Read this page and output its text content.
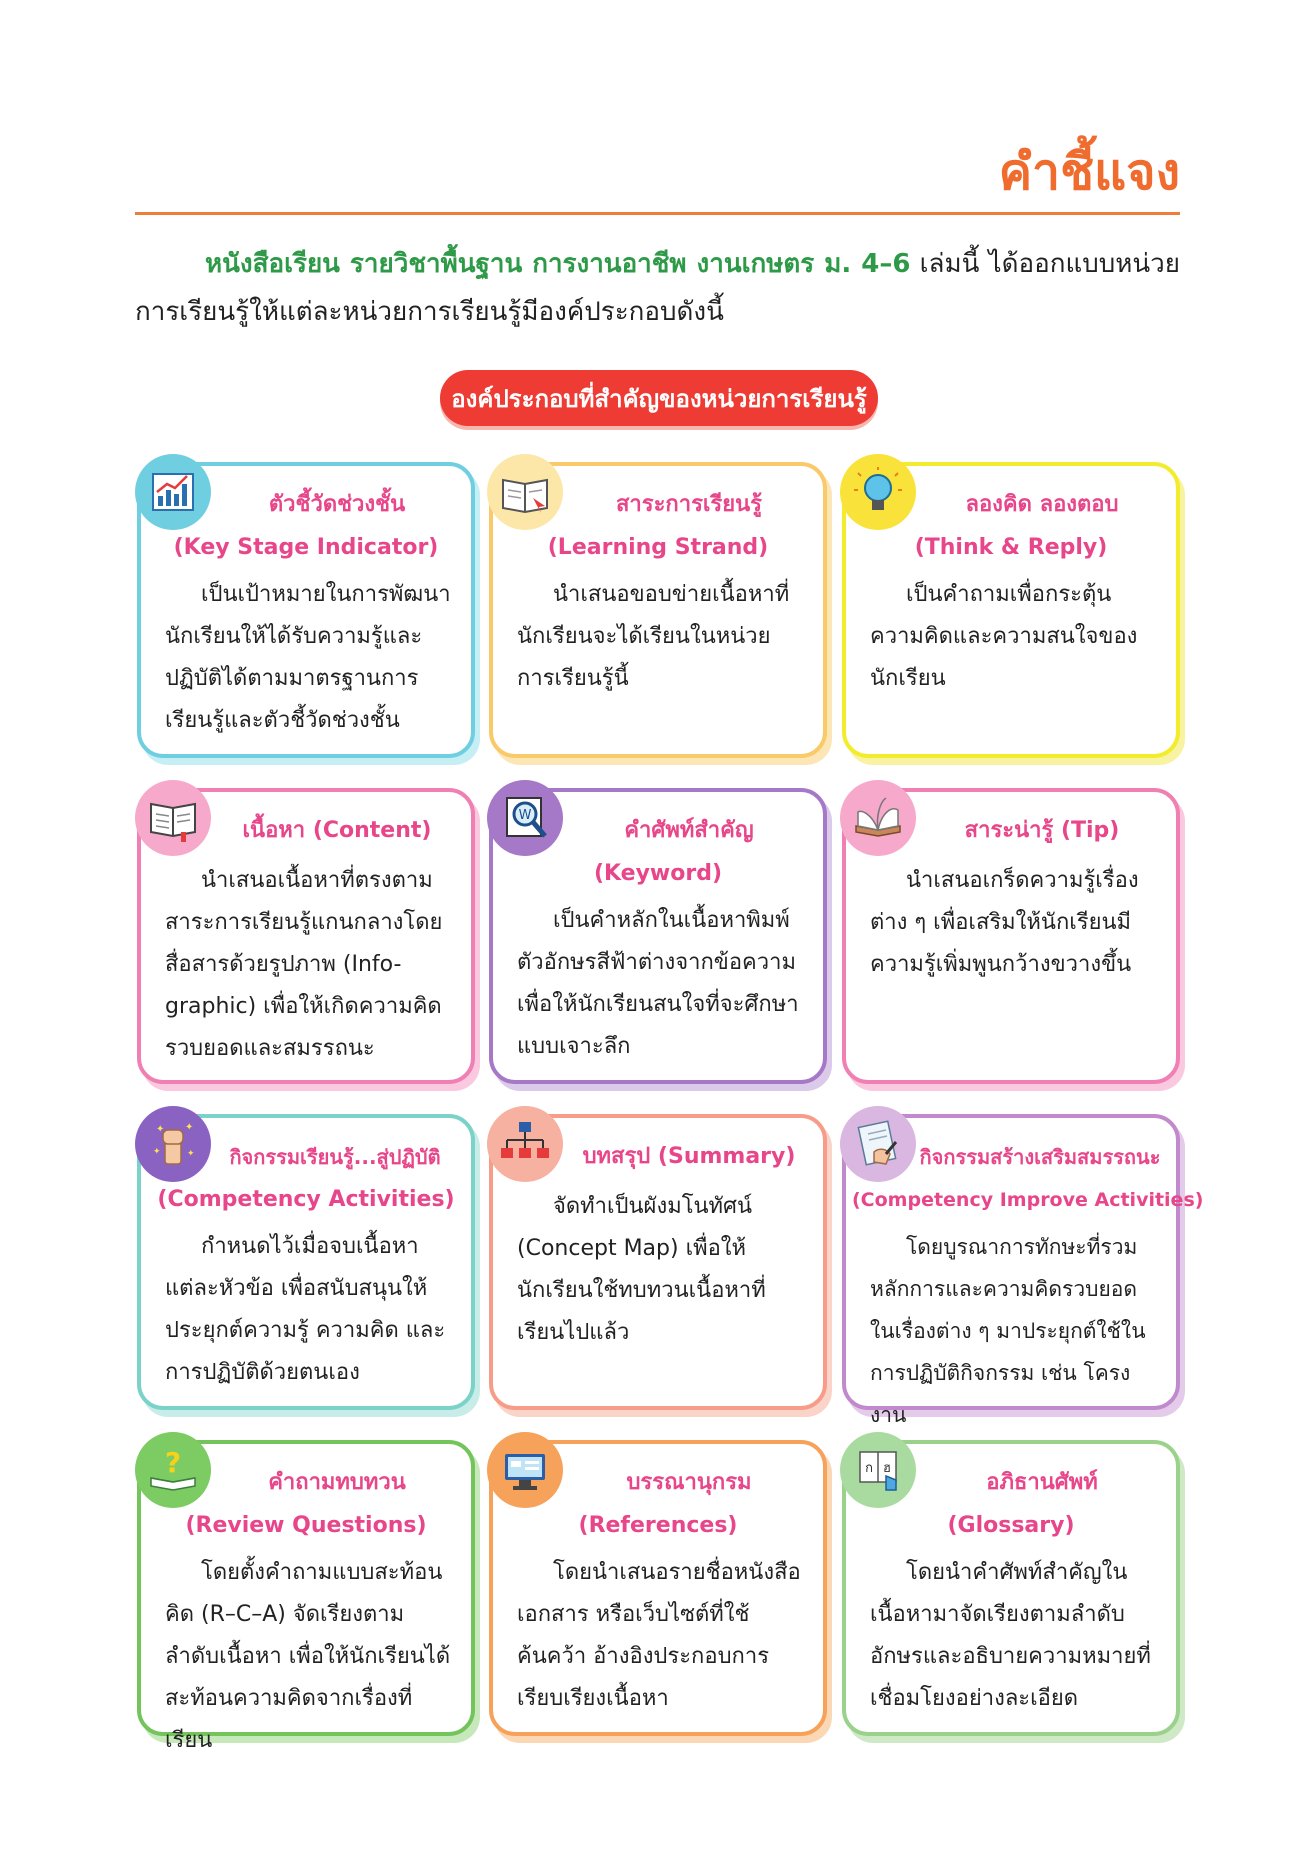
คำชี้แจง

หนังสือเรียน รายวิชาพื้นฐาน การงานอาชีพ งานเกษตร ม. 4–6 เล่มนี้ ได้ออกแบบหน่วยการเรียนรู้ให้แต่ละหน่วยการเรียนรู้มีองค์ประกอบดังนี้

องค์ประกอบที่สำคัญของหน่วยการเรียนรู้
ตัวชี้วัดช่วงชั้น
(Key Stage Indicator)

เป็นเป้าหมายในการพัฒนานักเรียนให้ได้รับความรู้และปฏิบัติได้ตามมาตรฐานการเรียนรู้และตัวชี้วัดช่วงชั้น

สาระการเรียนรู้
(Learning Strand)

นำเสนอขอบข่ายเนื้อหาที่นักเรียนจะได้เรียนในหน่วยการเรียนรู้นี้

ลองคิด ลองตอบ
(Think & Reply)

เป็นคำถามเพื่อกระตุ้นความคิดและความสนใจของนักเรียน

เนื้อหา (Content)

นำเสนอเนื้อหาที่ตรงตามสาระการเรียนรู้แกนกลางโดยสื่อสารด้วยรูปภาพ (Info-graphic) เพื่อให้เกิดความคิดรวบยอดและสมรรถนะ

W
คำศัพท์สำคัญ
(Keyword)

เป็นคำหลักในเนื้อหาพิมพ์ตัวอักษรสีฟ้าต่างจากข้อความเพื่อให้นักเรียนสนใจที่จะศึกษาแบบเจาะลึก

สาระน่ารู้ (Tip)

นำเสนอเกร็ดความรู้เรื่องต่าง ๆ เพื่อเสริมให้นักเรียนมีความรู้เพิ่มพูนกว้างขวางขึ้น

✦ ✦
✦	✦	กิจกรรมเรียนรู้...สู่ปฏิบัติ
(Competency Activities)

กำหนดไว้เมื่อจบเนื้อหาแต่ละหัวข้อ เพื่อสนับสนุนให้ประยุกต์ความรู้ ความคิด และการปฏิบัติด้วยตนเอง

บทสรุป (Summary)

จัดทำเป็นผังมโนทัศน์ (Concept Map) เพื่อให้นักเรียนใช้ทบทวนเนื้อหาที่เรียนไปแล้ว

กิจกรรมสร้างเสริมสมรรถนะ
(Competency Improve Activities)

โดยบูรณาการทักษะที่รวมหลักการและความคิดรวบยอดในเรื่องต่าง ๆ มาประยุกต์ใช้ในการปฏิบัติกิจกรรม เช่น โครงงาน

?
คำถามทบทวน
(Review Questions)

โดยตั้งคำถามแบบสะท้อนคิด (R–C–A) จัดเรียงตามลำดับเนื้อหา เพื่อให้นักเรียนได้สะท้อนความคิดจากเรื่องที่เรียน

บรรณานุกรม
(References)

โดยนำเสนอรายชื่อหนังสือเอกสาร หรือเว็บไซต์ที่ใช้ค้นคว้า อ้างอิงประกอบการเรียบเรียงเนื้อหา

ก ฮ
อภิธานศัพท์
(Glossary)

โดยนำคำศัพท์สำคัญในเนื้อหามาจัดเรียงตามลำดับอักษรและอธิบายความหมายที่เชื่อมโยงอย่างละเอียด
